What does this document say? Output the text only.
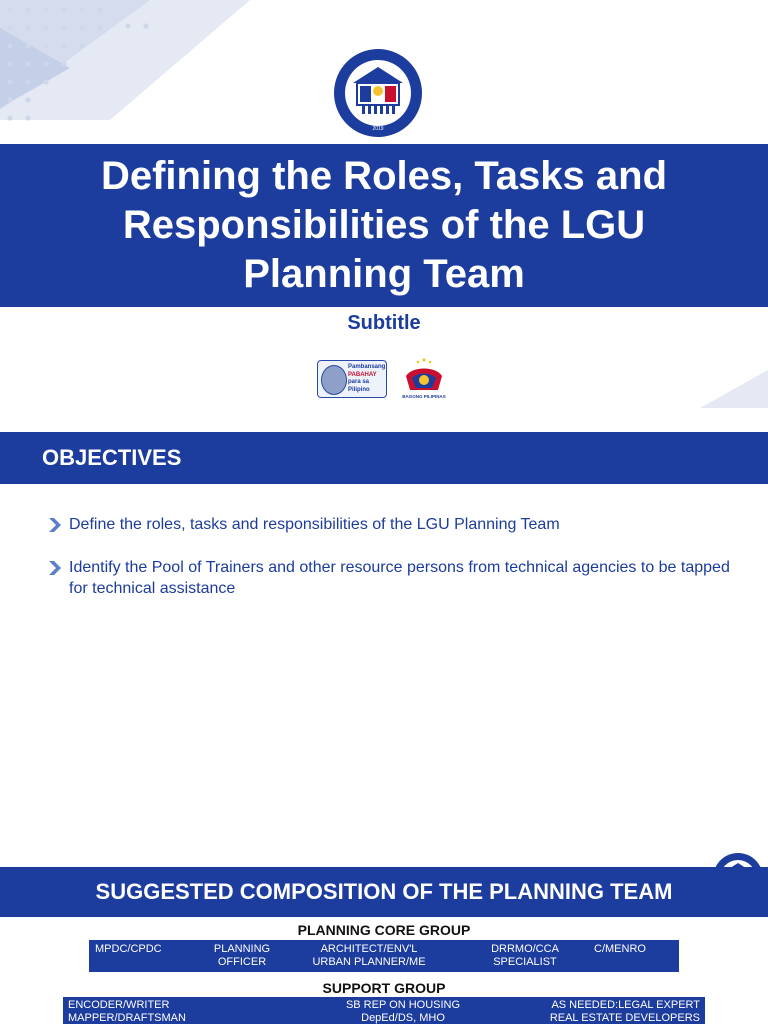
2019
Defining the Roles, Tasks and Responsibilities of the LGU Planning Team
Subtitle
Pambansang
PABAHAY
para sa
Pilipino
BAGONG PILIPINAS
OBJECTIVES
Define the roles, tasks and responsibilities of the LGU Planning Team
Identify the Pool of Trainers and other resource persons from technical agencies to be tapped for technical assistance
SUGGESTED COMPOSITION OF THE PLANNING TEAM
PLANNING CORE GROUP
MPDC/CPDC	PLANNING
OFFICER
ARCHITECT/ENV'L
URBAN PLANNER/ME
DRRMO/CCA
SPECIALIST
C/MENRO
SUPPORT GROUP
ENCODER/WRITER
MAPPER/DRAFTSMAN
SB REP ON HOUSING
DepEd/DS, MHO
AS NEEDED:LEGAL EXPERT
REAL ESTATE DEVELOPERS
